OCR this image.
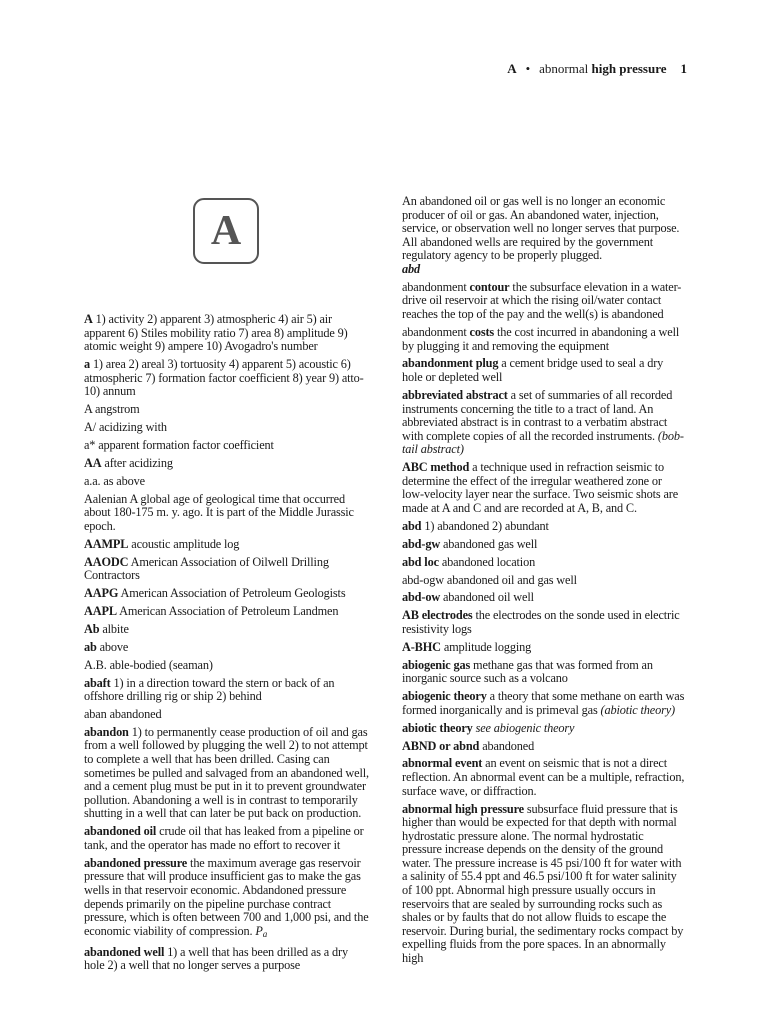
A • abnormal high pressure 1
A

A 1) activity 2) apparent 3) atmospheric 4) air 5) air apparent 6) Stiles mobility ratio 7) area 8) amplitude 9) atomic weight 9) ampere 10) Avogadro's number

a 1) area 2) areal 3) tortuosity 4) apparent 5) acoustic 6) atmospheric 7) formation factor coefficient 8) year 9) atto-10) annum

A angstrom

A/ acidizing with

a* apparent formation factor coefficient

AA after acidizing

a.a. as above

Aalenian A global age of geological time that occurred about 180-175 m. y. ago. It is part of the Middle Jurassic epoch.

AAMPL acoustic amplitude log

AAODC American Association of Oilwell Drilling Contractors

AAPG American Association of Petroleum Geologists

AAPL American Association of Petroleum Landmen

Ab albite

ab above

A.B. able-bodied (seaman)

abaft 1) in a direction toward the stern or back of an offshore drilling rig or ship 2) behind

aban abandoned

abandon 1) to permanently cease production of oil and gas from a well followed by plugging the well 2) to not attempt to complete a well that has been drilled. Casing can sometimes be pulled and salvaged from an abandoned well, and a cement plug must be put in it to prevent groundwater pollution. Abandoning a well is in contrast to temporarily shutting in a well that can later be put back on production.

abandoned oil crude oil that has leaked from a pipeline or tank, and the operator has made no effort to recover it

abandoned pressure the maximum average gas reservoir pressure that will produce insufficient gas to make the gas wells in that reservoir economic. Abdandoned pressure depends primarily on the pipeline purchase contract pressure, which is often between 700 and 1,000 psi, and the economic viability of compression. $P_a$

abandoned well 1) a well that has been drilled as a dry hole 2) a well that no longer serves a purpose

An abandoned oil or gas well is no longer an economic producer of oil or gas. An abandoned water, injection, service, or observation well no longer serves that purpose. All abandoned wells are required by the government regulatory agency to be properly plugged.
abd

abandonment contour the subsurface elevation in a water-drive oil reservoir at which the rising oil/water contact reaches the top of the pay and the well(s) is abandoned

abandonment costs the cost incurred in abandoning a well by plugging it and removing the equipment

abandonment plug a cement bridge used to seal a dry hole or depleted well

abbreviated abstract a set of summaries of all recorded instruments concerning the title to a tract of land. An abbreviated abstract is in contrast to a verbatim abstract with complete copies of all the recorded instruments. (bob-tail abstract)

ABC method a technique used in refraction seismic to determine the effect of the irregular weathered zone or low-velocity layer near the surface. Two seismic shots are made at A and C and are recorded at A, B, and C.

abd 1) abandoned 2) abundant

abd-gw abandoned gas well

abd loc abandoned location

abd-ogw abandoned oil and gas well

abd-ow abandoned oil well

AB electrodes the electrodes on the sonde used in electric resistivity logs

A-BHC amplitude logging

abiogenic gas methane gas that was formed from an inorganic source such as a volcano

abiogenic theory a theory that some methane on earth was formed inorganically and is primeval gas (abiotic theory)

abiotic theory see abiogenic theory

ABND or abnd abandoned

abnormal event an event on seismic that is not a direct reflection. An abnormal event can be a multiple, refraction, surface wave, or diffraction.

abnormal high pressure subsurface fluid pressure that is higher than would be expected for that depth with normal hydrostatic pressure alone. The normal hydrostatic pressure increase depends on the density of the ground water. The pressure increase is 45 psi/100 ft for water with a salinity of 55.4 ppt and 46.5 psi/100 ft for water salinity of 100 ppt. Abnormal high pressure usually occurs in reservoirs that are sealed by surrounding rocks such as shales or by faults that do not allow fluids to escape the reservoir. During burial, the sedimentary rocks compact by expelling fluids from the pore spaces. In an abnormally high
